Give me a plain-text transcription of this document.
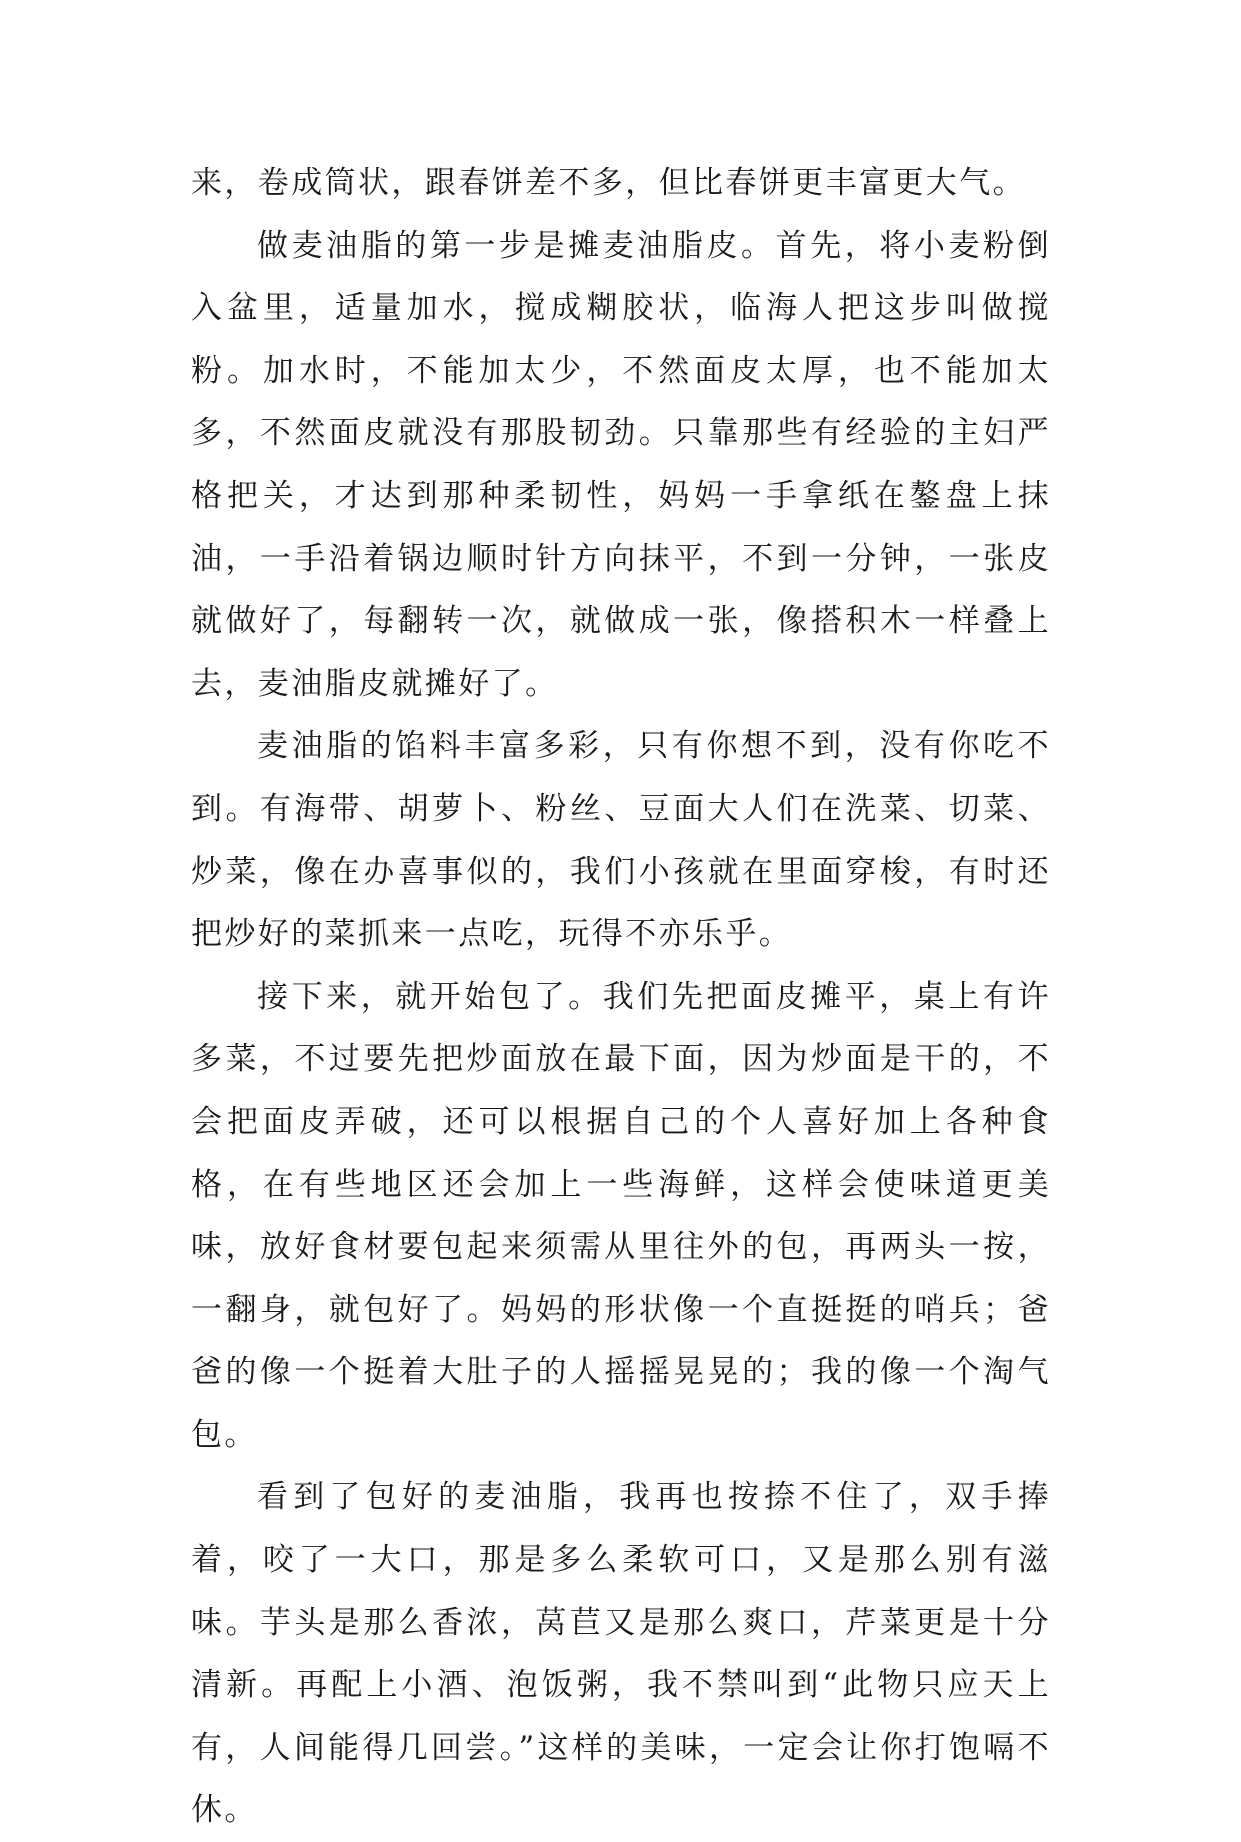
来，卷成筒状，跟春饼差不多，但比春饼更丰富更大气。

做麦油脂的第一步是摊麦油脂皮。首先，将小麦粉倒入盆里，适量加水，搅成糊胶状，临海人把这步叫做搅粉。加水时，不能加太少，不然面皮太厚，也不能加太多，不然面皮就没有那股韧劲。只靠那些有经验的主妇严格把关，才达到那种柔韧性，妈妈一手拿纸在鏊盘上抹油，一手沿着锅边顺时针方向抹平，不到一分钟，一张皮就做好了，每翻转一次，就做成一张，像搭积木一样叠上去，麦油脂皮就摊好了。

麦油脂的馅料丰富多彩，只有你想不到，没有你吃不到。有海带、胡萝卜、粉丝、豆面大人们在洗菜、切菜、炒菜，像在办喜事似的，我们小孩就在里面穿梭，有时还把炒好的菜抓来一点吃，玩得不亦乐乎。

接下来，就开始包了。我们先把面皮摊平，桌上有许多菜，不过要先把炒面放在最下面，因为炒面是干的，不会把面皮弄破，还可以根据自己的个人喜好加上各种食格，在有些地区还会加上一些海鲜，这样会使味道更美味，放好食材要包起来须需从里往外的包，再两头一按，一翻身，就包好了。妈妈的形状像一个直挺挺的哨兵；爸爸的像一个挺着大肚子的人摇摇晃晃的；我的像一个淘气包。

看到了包好的麦油脂，我再也按捺不住了，双手捧着，咬了一大口，那是多么柔软可口，又是那么别有滋味。芋头是那么香浓，莴苣又是那么爽口，芹菜更是十分清新。再配上小酒、泡饭粥，我不禁叫到“此物只应天上有，人间能得几回尝。”这样的美味，一定会让你打饱嗝不休。
